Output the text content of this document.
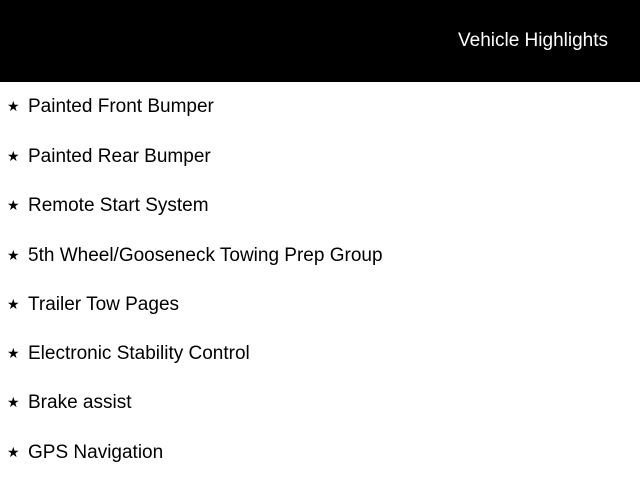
Vehicle Highlights
★ Painted Front Bumper
★ Painted Rear Bumper
★ Remote Start System
★ 5th Wheel/Gooseneck Towing Prep Group
★ Trailer Tow Pages
★ Electronic Stability Control
★ Brake assist
★ GPS Navigation
